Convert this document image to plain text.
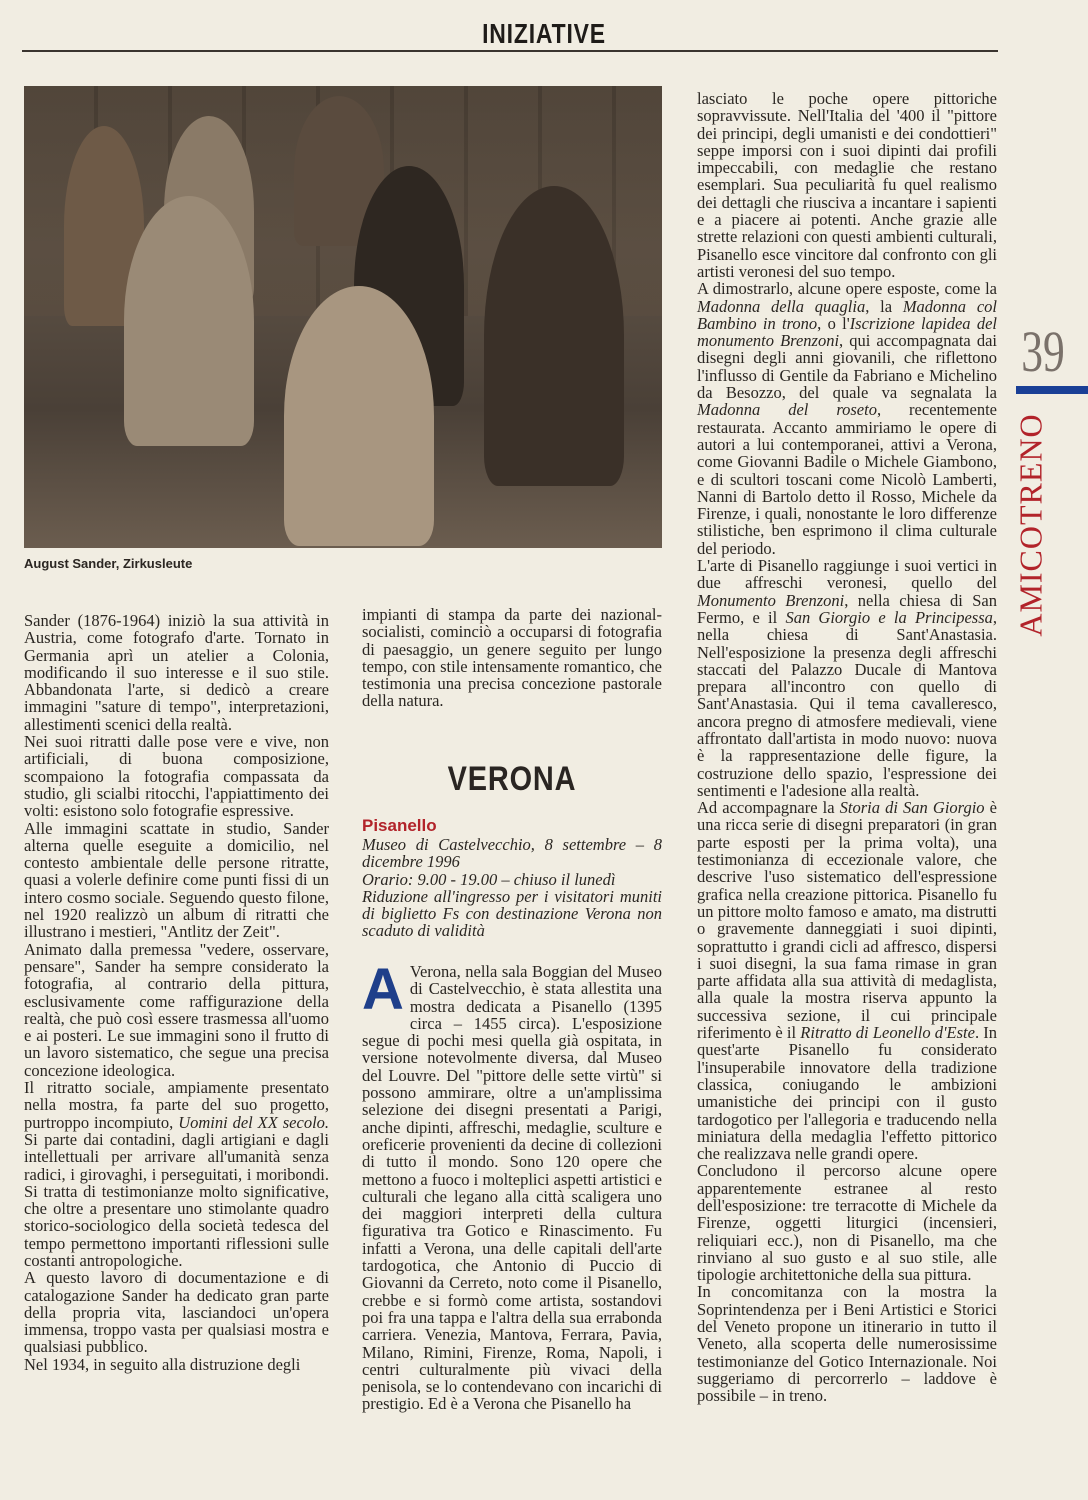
INIZIATIVE
August Sander, Zirkusleute

Sander (1876-1964) iniziò la sua attività in Austria, come fotografo d'arte. Tornato in Germania aprì un atelier a Colonia, modificando il suo interesse e il suo stile. Abbandonata l'arte, si dedicò a creare immagini "sature di tempo", interpretazioni, allestimenti scenici della realtà.

Nei suoi ritratti dalle pose vere e vive, non artificiali, di buona composizione, scompaiono la fotografia compassata da studio, gli scialbi ritocchi, l'appiattimento dei volti: esistono solo fotografie espressive.

Alle immagini scattate in studio, Sander alterna quelle eseguite a domicilio, nel contesto ambientale delle persone ritratte, quasi a volerle definire come punti fissi di un intero cosmo sociale. Seguendo questo filone, nel 1920 realizzò un album di ritratti che illustrano i mestieri, "Antlitz der Zeit".

Animato dalla premessa "vedere, osservare, pensare", Sander ha sempre considerato la fotografia, al contrario della pittura, esclusivamente come raffigurazione della realtà, che può così essere trasmessa all'uomo e ai posteri. Le sue immagini sono il frutto di un lavoro sistematico, che segue una precisa concezione ideologica.

Il ritratto sociale, ampiamente presentato nella mostra, fa parte del suo progetto, purtroppo incompiuto, Uomini del XX secolo. Si parte dai contadini, dagli artigiani e dagli intellettuali per arrivare all'umanità senza radici, i girovaghi, i perseguitati, i moribondi. Si tratta di testimonianze molto significative, che oltre a presentare uno stimolante quadro storico-sociologico della società tedesca del tempo permettono importanti riflessioni sulle costanti antropologiche.

A questo lavoro di documentazione e di catalogazione Sander ha dedicato gran parte della propria vita, lasciandoci un'opera immensa, troppo vasta per qualsiasi mostra e qualsiasi pubblico.

Nel 1934, in seguito alla distruzione degli

impianti di stampa da parte dei nazional-socialisti, cominciò a occuparsi di fotografia di paesaggio, un genere seguito per lungo tempo, con stile intensamente romantico, che testimonia una precisa concezione pastorale della natura.

VERONA
Pisanello

Museo di Castelvecchio, 8 settembre – 8 dicembre 1996

Orario: 9.00 - 19.00 – chiuso il lunedì

Riduzione all'ingresso per i visitatori muniti di biglietto Fs con destinazione Verona non scaduto di validità

A Verona, nella sala Boggian del Museo di Castelvecchio, è stata allestita una mostra dedicata a Pisanello (1395 circa – 1455 circa). L'esposizione segue di pochi mesi quella già ospitata, in versione notevolmente diversa, dal Museo del Louvre. Del "pittore delle sette virtù" si possono ammirare, oltre a un'amplissima selezione dei disegni presentati a Parigi, anche dipinti, affreschi, medaglie, sculture e oreficerie provenienti da decine di collezioni di tutto il mondo. Sono 120 opere che mettono a fuoco i molteplici aspetti artistici e culturali che legano alla città scaligera uno dei maggiori interpreti della cultura figurativa tra Gotico e Rinascimento. Fu infatti a Verona, una delle capitali dell'arte tardogotica, che Antonio di Puccio di Giovanni da Cerreto, noto come il Pisanello, crebbe e si formò come artista, sostandovi poi fra una tappa e l'altra della sua errabonda carriera. Venezia, Mantova, Ferrara, Pavia, Milano, Rimini, Firenze, Roma, Napoli, i centri culturalmente più vivaci della penisola, se lo contendevano con incarichi di prestigio. Ed è a Verona che Pisanello ha

lasciato le poche opere pittoriche sopravvissute. Nell'Italia del '400 il "pittore dei principi, degli umanisti e dei condottieri" seppe imporsi con i suoi dipinti dai profili impeccabili, con medaglie che restano esemplari. Sua peculiarità fu quel realismo dei dettagli che riusciva a incantare i sapienti e a piacere ai potenti. Anche grazie alle strette relazioni con questi ambienti culturali, Pisanello esce vincitore dal confronto con gli artisti veronesi del suo tempo.

A dimostrarlo, alcune opere esposte, come la Madonna della quaglia, la Madonna col Bambino in trono, o l'Iscrizione lapidea del monumento Brenzoni, qui accompagnata dai disegni degli anni giovanili, che riflettono l'influsso di Gentile da Fabriano e Michelino da Besozzo, del quale va segnalata la Madonna del roseto, recentemente restaurata. Accanto ammiriamo le opere di autori a lui contemporanei, attivi a Verona, come Giovanni Badile o Michele Giambono, e di scultori toscani come Nicolò Lamberti, Nanni di Bartolo detto il Rosso, Michele da Firenze, i quali, nonostante le loro differenze stilistiche, ben esprimono il clima culturale del periodo.

L'arte di Pisanello raggiunge i suoi vertici in due affreschi veronesi, quello del Monumento Brenzoni, nella chiesa di San Fermo, e il San Giorgio e la Principessa, nella chiesa di Sant'Anastasia. Nell'esposizione la presenza degli affreschi staccati del Palazzo Ducale di Mantova prepara all'incontro con quello di Sant'Anastasia. Qui il tema cavalleresco, ancora pregno di atmosfere medievali, viene affrontato dall'artista in modo nuovo: nuova è la rappresentazione delle figure, la costruzione dello spazio, l'espressione dei sentimenti e l'adesione alla realtà.

Ad accompagnare la Storia di San Giorgio è una ricca serie di disegni preparatori (in gran parte esposti per la prima volta), una testimonianza di eccezionale valore, che descrive l'uso sistematico dell'espressione grafica nella creazione pittorica. Pisanello fu un pittore molto famoso e amato, ma distrutti o gravemente danneggiati i suoi dipinti, soprattutto i grandi cicli ad affresco, dispersi i suoi disegni, la sua fama rimase in gran parte affidata alla sua attività di medaglista, alla quale la mostra riserva appunto la successiva sezione, il cui principale riferimento è il Ritratto di Leonello d'Este. In quest'arte Pisanello fu considerato l'insuperabile innovatore della tradizione classica, coniugando le ambizioni umanistiche dei principi con il gusto tardogotico per l'allegoria e traducendo nella miniatura della medaglia l'effetto pittorico che realizzava nelle grandi opere.

Concludono il percorso alcune opere apparentemente estranee al resto dell'esposizione: tre terracotte di Michele da Firenze, oggetti liturgici (incensieri, reliquiari ecc.), non di Pisanello, ma che rinviano al suo gusto e al suo stile, alle tipologie architettoniche della sua pittura.

In concomitanza con la mostra la Soprintendenza per i Beni Artistici e Storici del Veneto propone un itinerario in tutto il Veneto, alla scoperta delle numerosissime testimonianze del Gotico Internazionale. Noi suggeriamo di percorrerlo – laddove è possibile – in treno.

39
AMICOTRENO
